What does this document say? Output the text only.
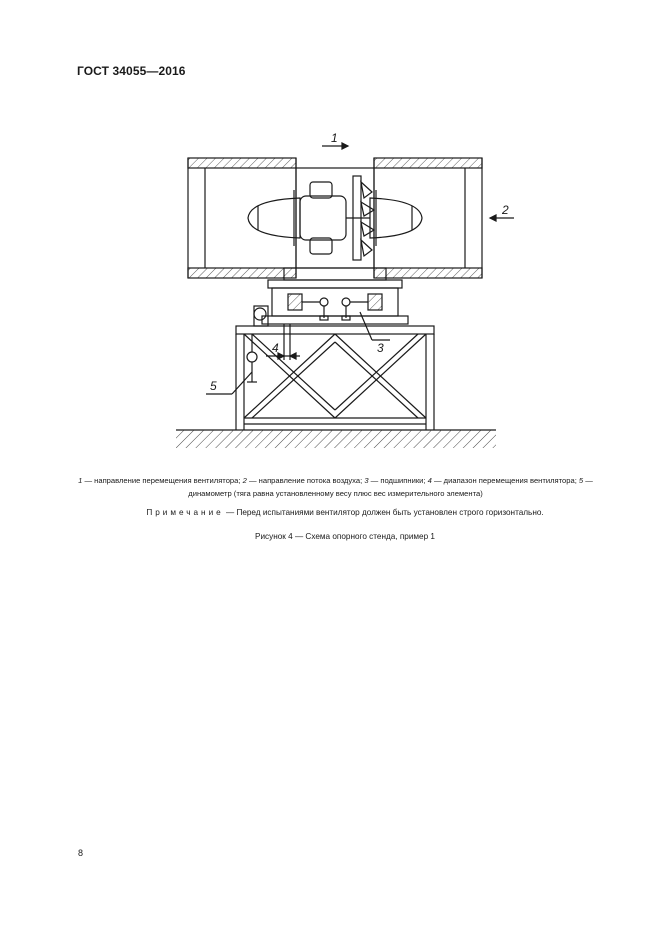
ГОСТ 34055—2016
1
2
3
4
5
1 — направление перемещения вентилятора; 2 — направление потока воздуха; 3 — подшипники; 4 — диапазон перемещения вентилятора; 5 — динамометр (тяга равна установленному весу плюс вес измерительного элемента)
Примечание — Перед испытаниями вентилятор должен быть установлен строго горизонтально.
Рисунок 4 — Схема опорного стенда, пример 1
8
